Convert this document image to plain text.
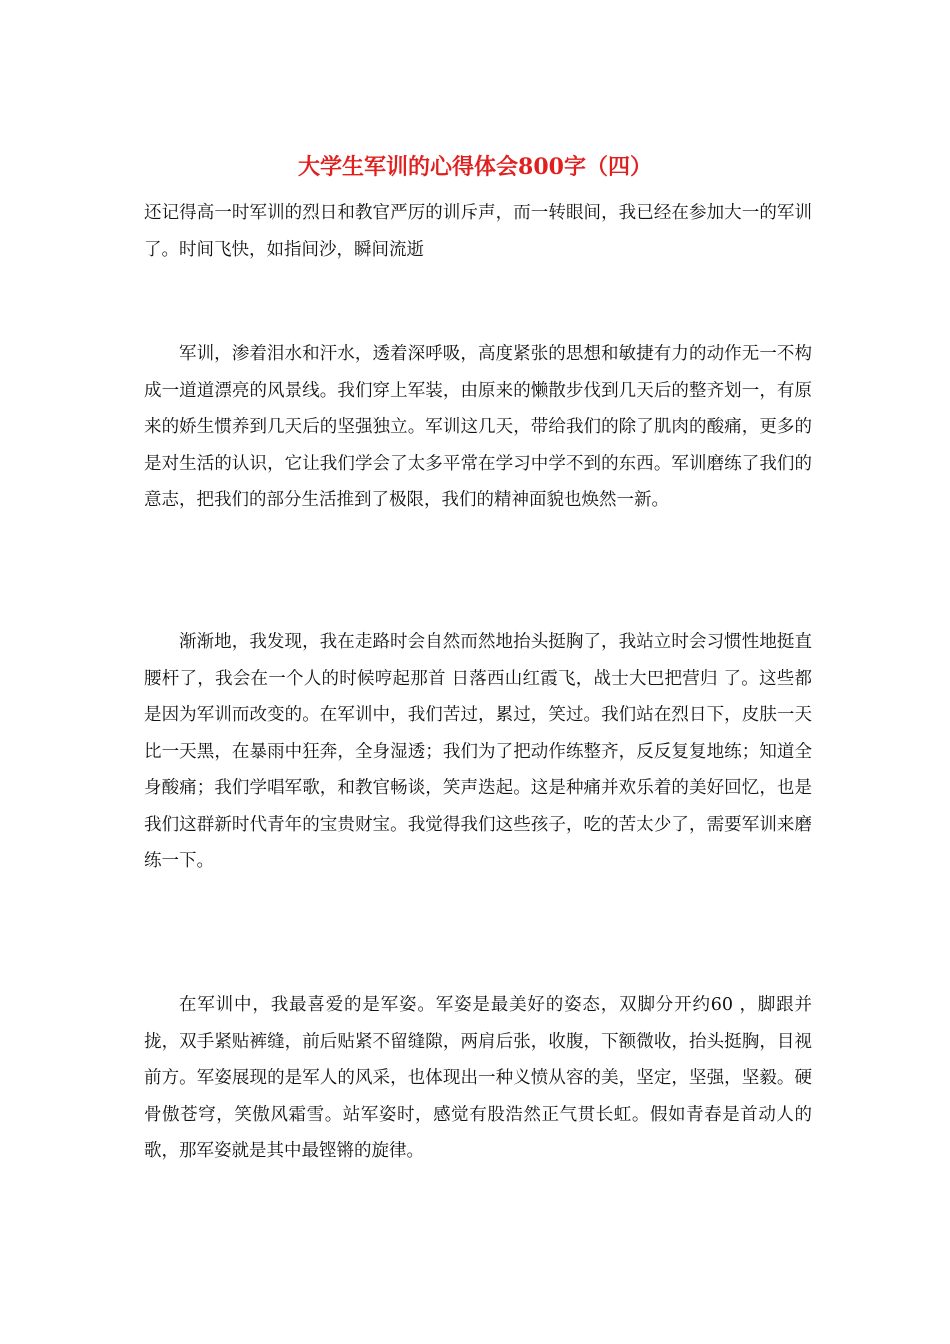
大学生军训的心得体会800字（四）

还记得高一时军训的烈日和教官严厉的训斥声，而一转眼间，我已经在参加大一的军训了。时间飞快，如指间沙，瞬间流逝

军训，渗着泪水和汗水，透着深呼吸，高度紧张的思想和敏捷有力的动作无一不构成一道道漂亮的风景线。我们穿上军装，由原来的懒散步伐到几天后的整齐划一，有原来的娇生惯养到几天后的坚强独立。军训这几天，带给我们的除了肌肉的酸痛，更多的是对生活的认识，它让我们学会了太多平常在学习中学不到的东西。军训磨练了我们的意志，把我们的部分生活推到了极限，我们的精神面貌也焕然一新。

渐渐地，我发现，我在走路时会自然而然地抬头挺胸了，我站立时会习惯性地挺直腰杆了，我会在一个人的时候哼起那首 日落西山红霞飞，战士大巴把营归 了。这些都是因为军训而改变的。在军训中，我们苦过，累过，笑过。我们站在烈日下，皮肤一天比一天黑，在暴雨中狂奔，全身湿透；我们为了把动作练整齐，反反复复地练；知道全身酸痛；我们学唱军歌，和教官畅谈，笑声迭起。这是种痛并欢乐着的美好回忆，也是我们这群新时代青年的宝贵财宝。我觉得我们这些孩子，吃的苦太少了，需要军训来磨练一下。

在军训中，我最喜爱的是军姿。军姿是最美好的姿态，双脚分开约60 ，脚跟并拢，双手紧贴裤缝，前后贴紧不留缝隙，两肩后张，收腹，下额微收，抬头挺胸，目视前方。军姿展现的是军人的风采，也体现出一种义愤从容的美，坚定，坚强，坚毅。硬骨傲苍穹，笑傲风霜雪。站军姿时，感觉有股浩然正气贯长虹。假如青春是首动人的歌，那军姿就是其中最铿锵的旋律。
